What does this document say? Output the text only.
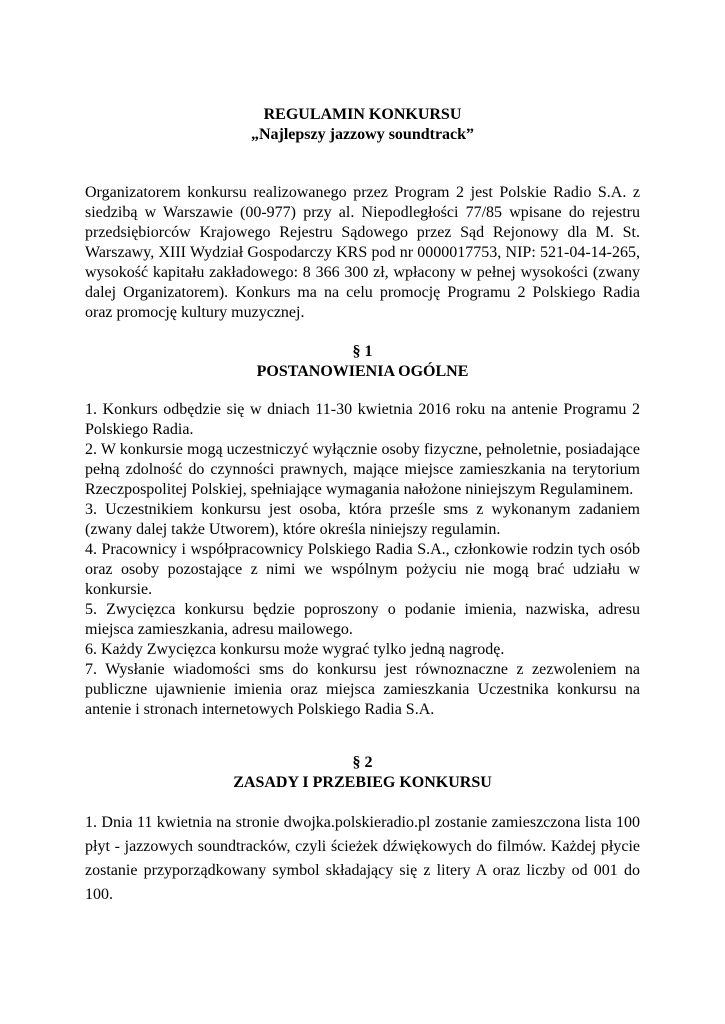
REGULAMIN KONKURSU
„Najlepszy jazzowy soundtrack”

Organizatorem konkursu realizowanego przez Program 2 jest Polskie Radio S.A. z siedzibą w Warszawie (00-977) przy al. Niepodległości 77/85 wpisane do rejestru przedsiębiorców Krajowego Rejestru Sądowego przez Sąd Rejonowy dla M. St. Warszawy, XIII Wydział Gospodarczy KRS pod nr 0000017753, NIP: 521-04-14-265, wysokość kapitału zakładowego: 8 366 300 zł, wpłacony w pełnej wysokości (zwany dalej Organizatorem). Konkurs ma na celu promocję Programu 2 Polskiego Radia oraz promocję kultury muzycznej.

§ 1
POSTANOWIENIA OGÓLNE

1. Konkurs odbędzie się w dniach 11-30 kwietnia 2016 roku na antenie Programu 2 Polskiego Radia.

2. W konkursie mogą uczestniczyć wyłącznie osoby fizyczne, pełnoletnie, posiadające pełną zdolność do czynności prawnych, mające miejsce zamieszkania na terytorium Rzeczpospolitej Polskiej, spełniające wymagania nałożone niniejszym Regulaminem.

3. Uczestnikiem konkursu jest osoba, która prześle sms z wykonanym zadaniem (zwany dalej także Utworem), które określa niniejszy regulamin.

4. Pracownicy i współpracownicy Polskiego Radia S.A., członkowie rodzin tych osób oraz osoby pozostające z nimi we wspólnym pożyciu nie mogą brać udziału w konkursie.

5. Zwycięzca konkursu będzie poproszony o podanie imienia, nazwiska, adresu miejsca zamieszkania, adresu mailowego.

6. Każdy Zwycięzca konkursu może wygrać tylko jedną nagrodę.

7. Wysłanie wiadomości sms do konkursu jest równoznaczne z zezwoleniem na publiczne ujawnienie imienia oraz miejsca zamieszkania Uczestnika konkursu na antenie i stronach internetowych Polskiego Radia S.A.

§ 2
ZASADY I PRZEBIEG KONKURSU

1. Dnia 11 kwietnia na stronie dwojka.polskieradio.pl zostanie zamieszczona lista 100 płyt - jazzowych soundtracków, czyli ścieżek dźwiękowych do filmów. Każdej płycie zostanie przyporządkowany symbol składający się z litery A oraz liczby od 001 do 100.
